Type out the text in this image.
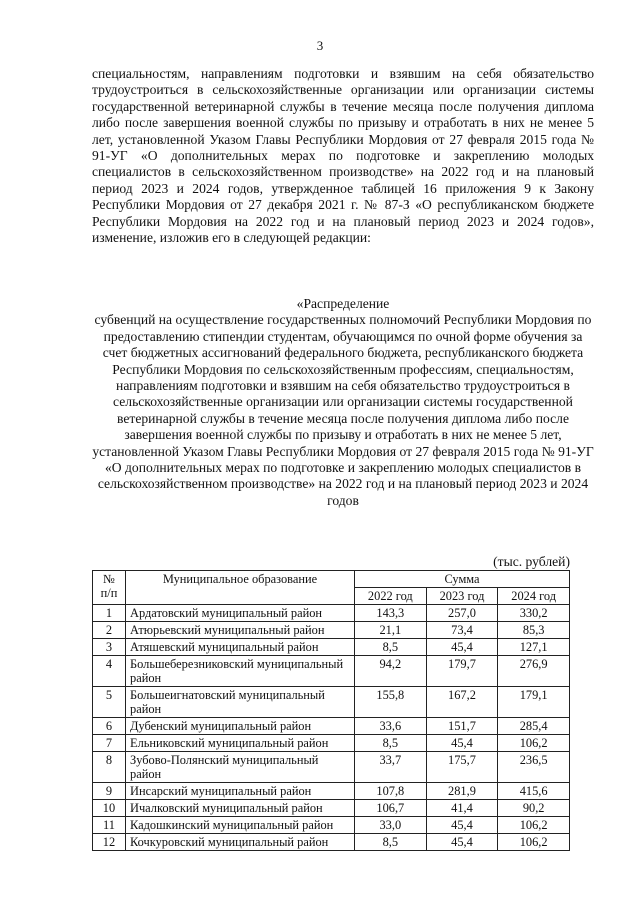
3

специальностям, направлениям подготовки и взявшим на себя обязательство трудоустроиться в сельскохозяйственные организации или организации системы государственной ветеринарной службы в течение месяца после получения диплома либо после завершения военной службы по призыву и отработать в них не менее 5 лет, установленной Указом Главы Республики Мордовия от 27 февраля 2015 года № 91-УГ «О дополнительных мерах по подготовке и закреплению молодых специалистов в сельскохозяйственном производстве» на 2022 год и на плановый период 2023 и 2024 годов, утвержденное таблицей 16 приложения 9 к Закону Республики Мордовия от 27 декабря 2021 г. № 87-З «О республиканском бюджете Республики Мордовия на 2022 год и на плановый период 2023 и 2024 годов», изменение, изложив его в следующей редакции:

«Распределение

субвенций на осуществление государственных полномочий Республики Мордовия по предоставлению стипендии студентам, обучающимся по очной форме обучения за счет бюджетных ассигнований федерального бюджета, республиканского бюджета Республики Мордовия по сельскохозяйственным профессиям, специальностям, направлениям подготовки и взявшим на себя обязательство трудоустроиться в сельскохозяйственные организации или организации системы государственной ветеринарной службы в течение месяца после получения диплома либо после завершения военной службы по призыву и отработать в них не менее 5 лет, установленной Указом Главы Республики Мордовия от 27 февраля 2015 года № 91-УГ «О дополнительных мерах по подготовке и закреплению молодых специалистов в сельскохозяйственном производстве» на 2022 год и на плановый период 2023 и 2024 годов

(тыс. рублей)
№ п/п	Муниципальное образование	Сумма		
		2022 год	2023 год	2024 год
1	Ардатовский муниципальный район	143,3	257,0	330,2
2	Атюрьевский муниципальный район	21,1	73,4	85,3
3	Атяшевский муниципальный район	8,5	45,4	127,1
4	Большеберезниковский муниципальный район	94,2	179,7	276,9
5	Большеигнатовский муниципальный район	155,8	167,2	179,1
6	Дубенский муниципальный район	33,6	151,7	285,4
7	Ельниковский муниципальный район	8,5	45,4	106,2
8	Зубово-Полянский муниципальный район	33,7	175,7	236,5
9	Инсарский муниципальный район	107,8	281,9	415,6
10	Ичалковский муниципальный район	106,7	41,4	90,2
11	Кадошкинский муниципальный район	33,0	45,4	106,2
12	Кочкуровский муниципальный район	8,5	45,4	106,2
